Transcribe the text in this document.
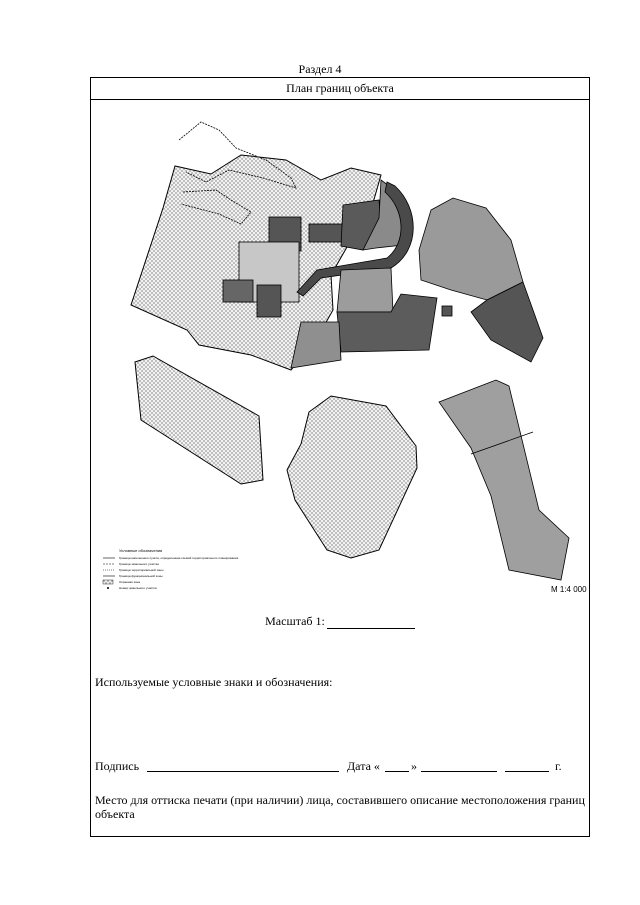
Раздел 4
План границ объекта
Условные обозначения
Граница населенного пункта, определенная схемой территориального планирования
Граница земельного участка
Граница территориальной зоны
Граница функциональной зоны
Охранная зона
Номер земельного участка	М 1:4 000
Масштаб 1:
Используемые условные знаки и обозначения:
Подпись	Дата «	»	г.
Место для оттиска печати (при наличии) лица, составившего описание местоположения границ объекта
